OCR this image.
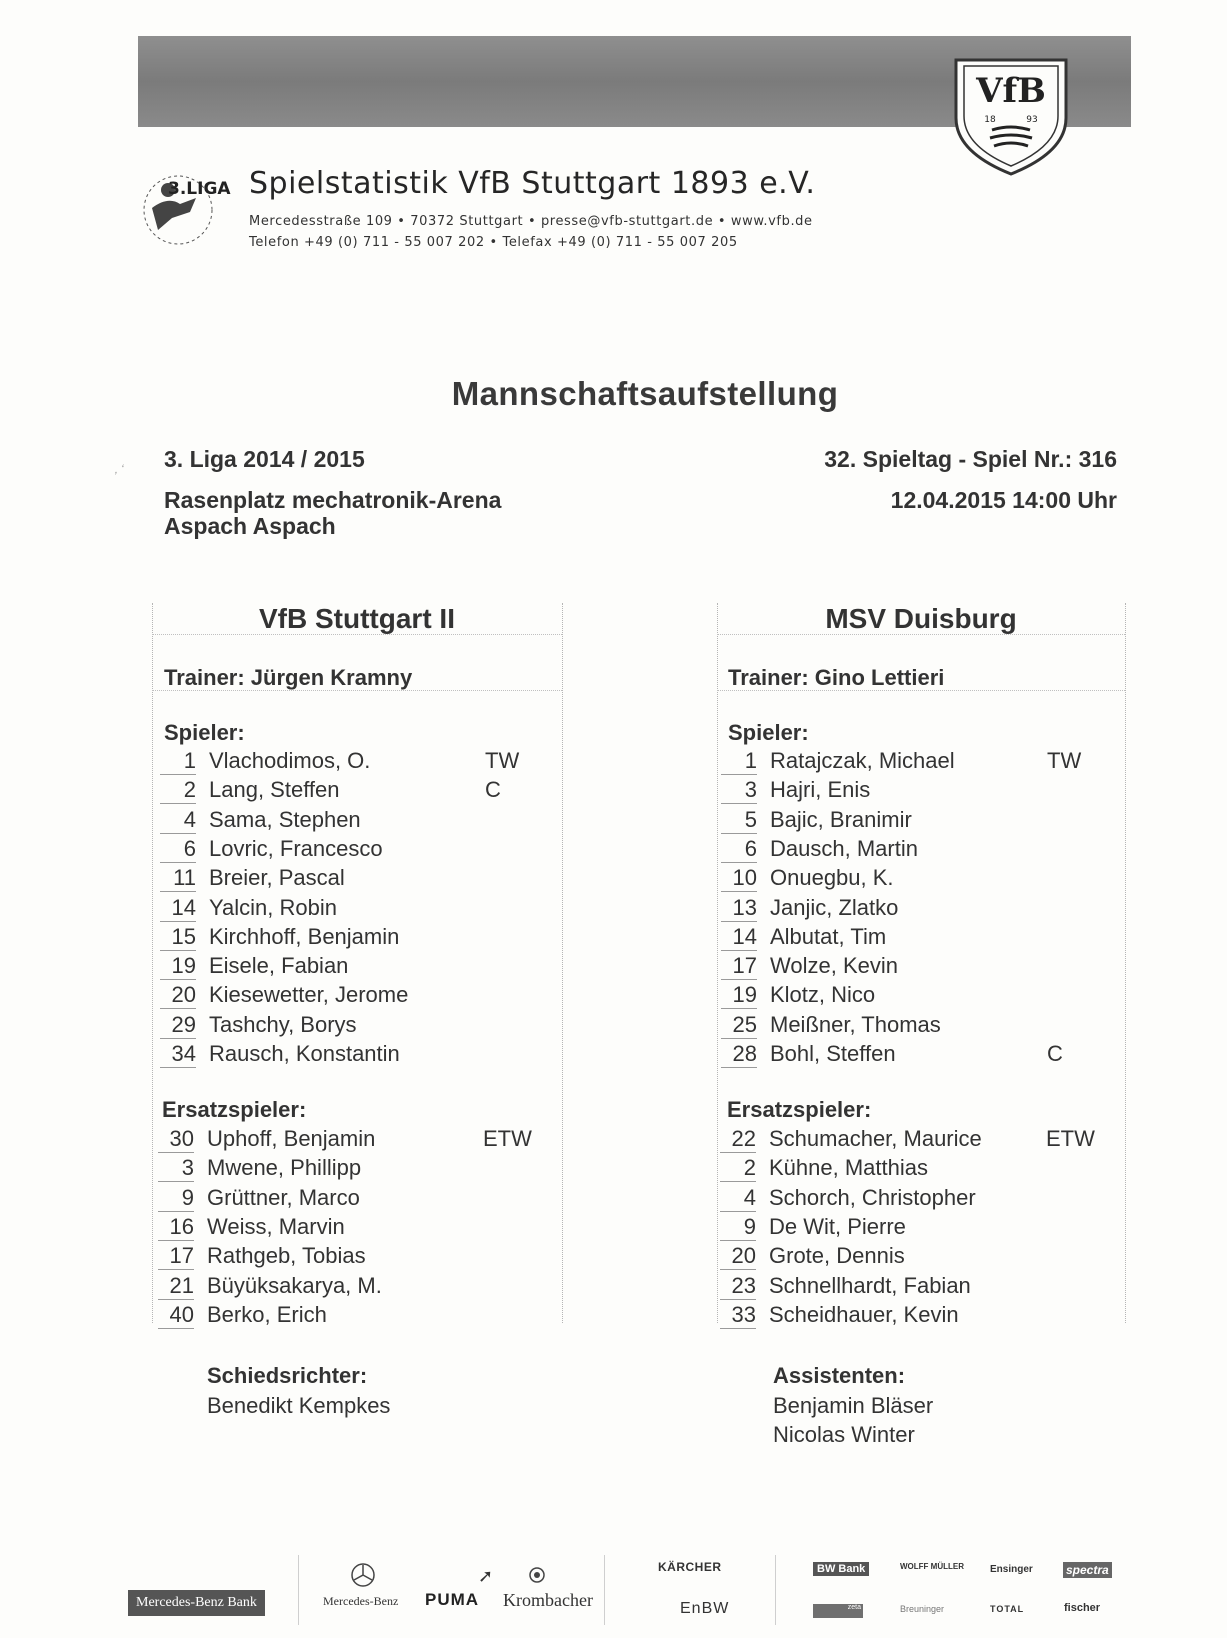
VfB
18	93
3.LIGA Spielstatistik VfB Stuttgart 1893 e.V.
Mercedesstraße 109 • 70372 Stuttgart • presse@vfb-stuttgart.de • www.vfb.de
Telefon +49 (0) 711 - 55 007 202 • Telefax +49 (0) 711 - 55 007 205
Mannschaftsaufstellung
‚ ‘ 3. Liga 2014 / 2015
Rasenplatz mechatronik-Arena
Aspach Aspach
32. Spieltag - Spiel Nr.: 316
12.04.2015 14:00 Uhr
VfB Stuttgart II
Trainer: Jürgen Kramny
Spieler:
1 Vlachodimos, O.	TW
2 Lang, Steffen	C
4 Sama, Stephen
6 Lovric, Francesco
11 Breier, Pascal
14 Yalcin, Robin
15 Kirchhoff, Benjamin
19 Eisele, Fabian
20 Kiesewetter, Jerome
29 Tashchy, Borys
34 Rausch, Konstantin
Ersatzspieler:
30 Uphoff, Benjamin	ETW
3 Mwene, Phillipp
9 Grüttner, Marco
16 Weiss, Marvin
17 Rathgeb, Tobias
21 Büyüksakarya, M.
40 Berko, Erich
MSV Duisburg
Trainer: Gino Lettieri
Spieler:
1 Ratajczak, Michael	TW
3 Hajri, Enis
5 Bajic, Branimir
6 Dausch, Martin
10 Onuegbu, K.
13 Janjic, Zlatko
14 Albutat, Tim
17 Wolze, Kevin
19 Klotz, Nico
25 Meißner, Thomas
28 Bohl, Steffen	C
Ersatzspieler:
22 Schumacher, Maurice	ETW
2 Kühne, Matthias
4 Schorch, Christopher
9 De Wit, Pierre
20 Grote, Dennis
23 Schnellhardt, Fabian
33 Scheidhauer, Kevin
Schiedsrichter:
Benedikt Kempkes
Assistenten:
Benjamin Bläser
Nicolas Winter
Mercedes-Benz Bank	Mercedes-Benz PUMA
➚
Krombacher
KÄRCHER
EnBW
BW Bank	WOLFF MÜLLER	Ensinger	spectra
zeta	Breuninger	TOTAL	fischer
